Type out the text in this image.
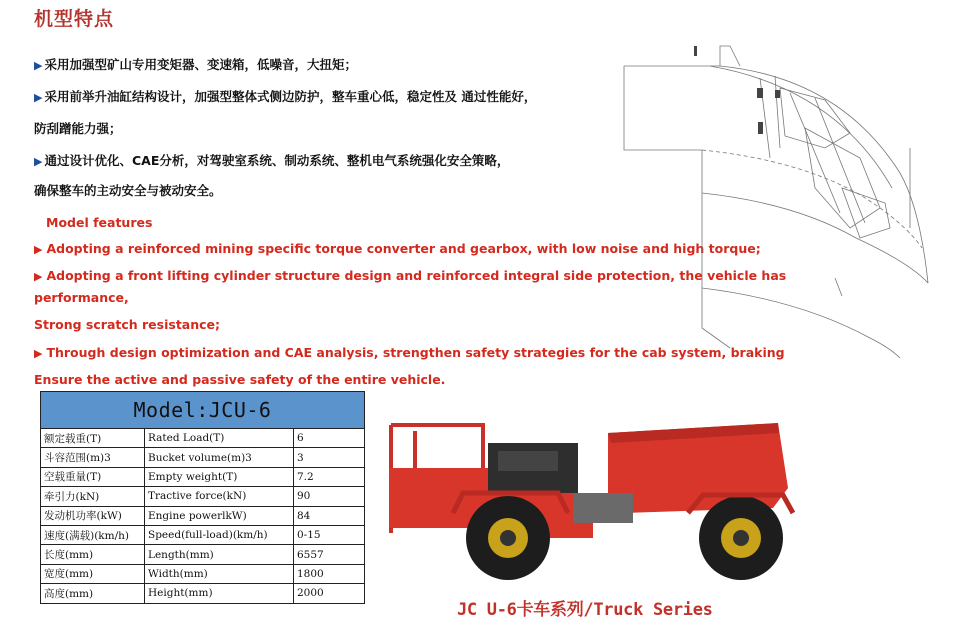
机型特点
▶ 采用加强型矿山专用变矩器、变速箱，低噪音，大扭矩；
▶ 采用前举升油缸结构设计，加强型整体式侧边防护，整车重心低，稳定性及 通过性能好，
防刮蹭能力强；
▶ 通过设计优化、CAE分析，对驾驶室系统、制动系统、整机电气系统强化安全策略，
确保整车的主动安全与被动安全。
Model features
▶ Adopting a reinforced mining specific torque converter and gearbox, with low noise and high torque;
▶ Adopting a front lifting cylinder structure design and reinforced integral side protection, the vehicle has
performance,
Strong scratch resistance;
▶ Through design optimization and CAE analysis, strengthen safety strategies for the cab system, braking
Ensure the active and passive safety of the entire vehicle.
Model:JCU-6		
额定载重(T)	Rated Load(T)	6
斗容范围(m)3	Bucket volume(m)3	3
空载重量(T)	Empty weight(T)	7.2
牵引力(kN)	Tractive force(kN)	90
发动机功率(kW)	Engine powerlkW)	84
速度(满载)(km/h)	Speed(full-load)(km/h)	0-15
长度(mm)	Length(mm)	6557
宽度(mm)	Width(mm)	1800
高度(mm)	Height(mm)	2000
JC U-6卡车系列/Truck Series
